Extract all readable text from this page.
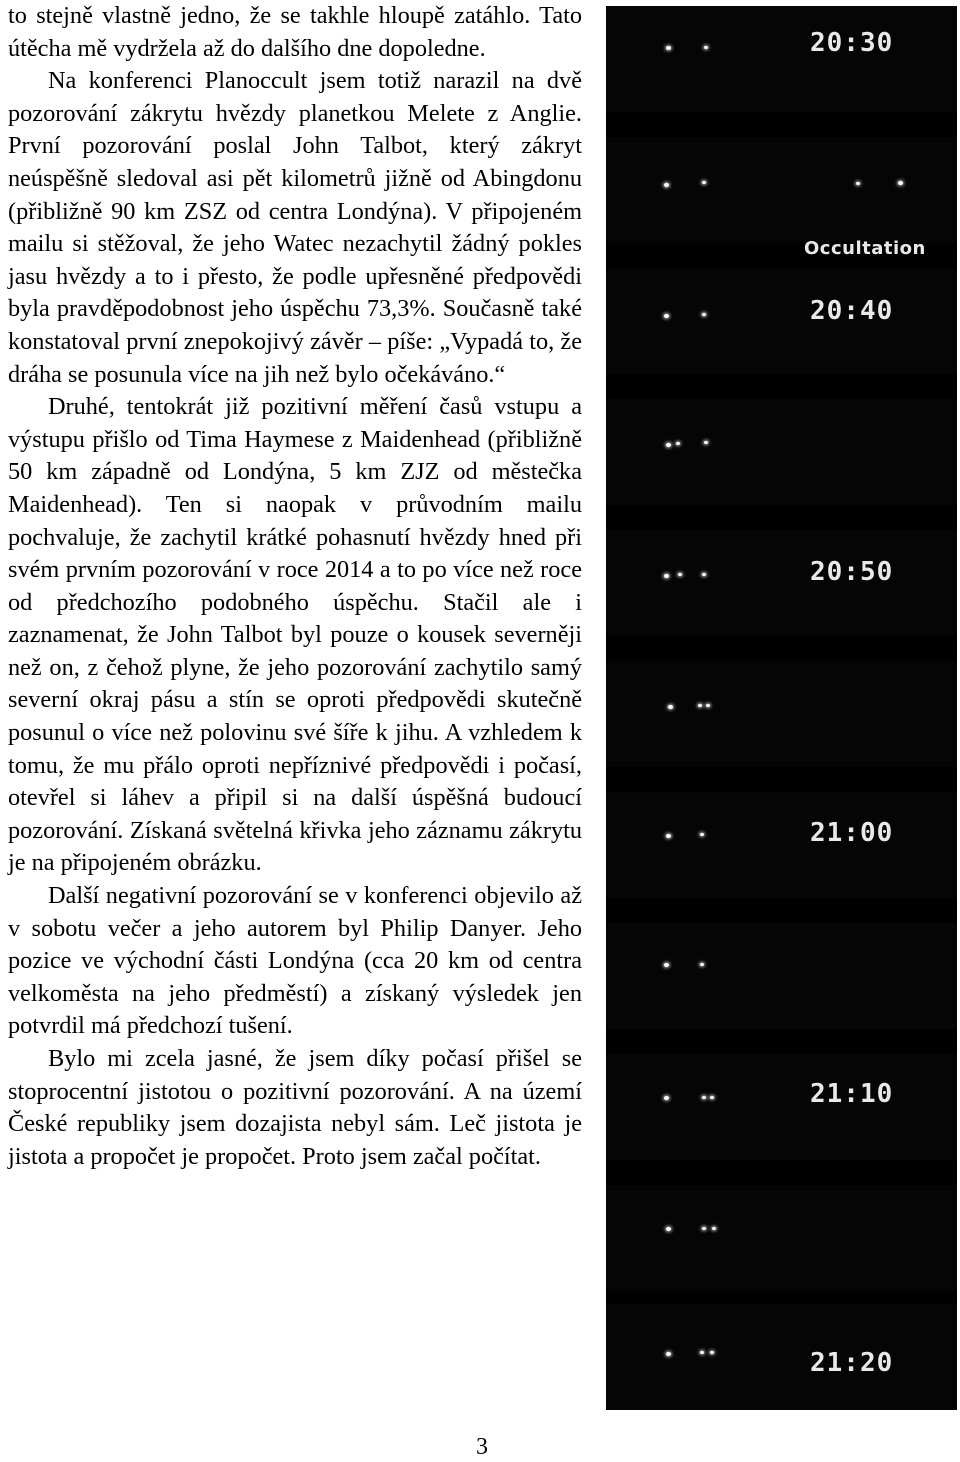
to stejně vlastně jedno, že se takhle hloupě zatáhlo. Tato útěcha mě vydržela až do dalšího dne dopoledne.

Na konferenci Planoccult jsem totiž narazil na dvě pozorování zákrytu hvězdy planetkou Melete z Anglie. První pozorování poslal John Talbot, který zákryt neúspěšně sledoval asi pět kilometrů jižně od Abingdonu (přibližně 90 km ZSZ od centra Londýna). V připojeném mailu si stěžoval, že jeho Watec nezachytil žádný pokles jasu hvězdy a to i přesto, že podle upřesněné předpovědi byla pravděpodobnost jeho úspěchu 73,3%. Současně také konstatoval první znepokojivý závěr – píše: „Vypadá to, že dráha se posunula více na jih než bylo očekáváno.“

Druhé, tentokrát již pozitivní měření časů vstupu a výstupu přišlo od Tima Haymese z Maidenhead (přibližně 50 km západně od Londýna, 5 km ZJZ od městečka Maidenhead). Ten si naopak v průvodním mailu pochvaluje, že zachytil krátké pohasnutí hvězdy hned při svém prvním pozorování v roce 2014 a to po více než roce od předchozího podobného úspěchu. Stačil ale i zaznamenat, že John Talbot byl pouze o kousek severněji než on, z čehož plyne, že jeho pozorování zachytilo samý severní okraj pásu a stín se oproti předpovědi skutečně posunul o více než polovinu své šíře k jihu. A vzhledem k tomu, že mu přálo oproti nepříznivé předpovědi i počasí, otevřel si láhev a připil si na další úspěšná budoucí pozorování. Získaná světelná křivka jeho záznamu zákrytu je na připojeném obrázku.

Další negativní pozorování se v konferenci objevilo až v sobotu večer a jeho autorem byl Philip Danyer. Jeho pozice ve východní části Londýna (cca 20 km od centra velkoměsta na jeho předměstí) a získaný výsledek jen potvrdil má předchozí tušení.

Bylo mi zcela jasné, že jsem díky počasí přišel se stoprocentní jistotou o pozitivní pozorování. A na území České republiky jsem dozajista nebyl sám. Leč jistota je jistota a propočet je propočet. Proto jsem začal počítat.

20:30
Occultation
20:40
20:50
21:00
21:10
21:20
3
